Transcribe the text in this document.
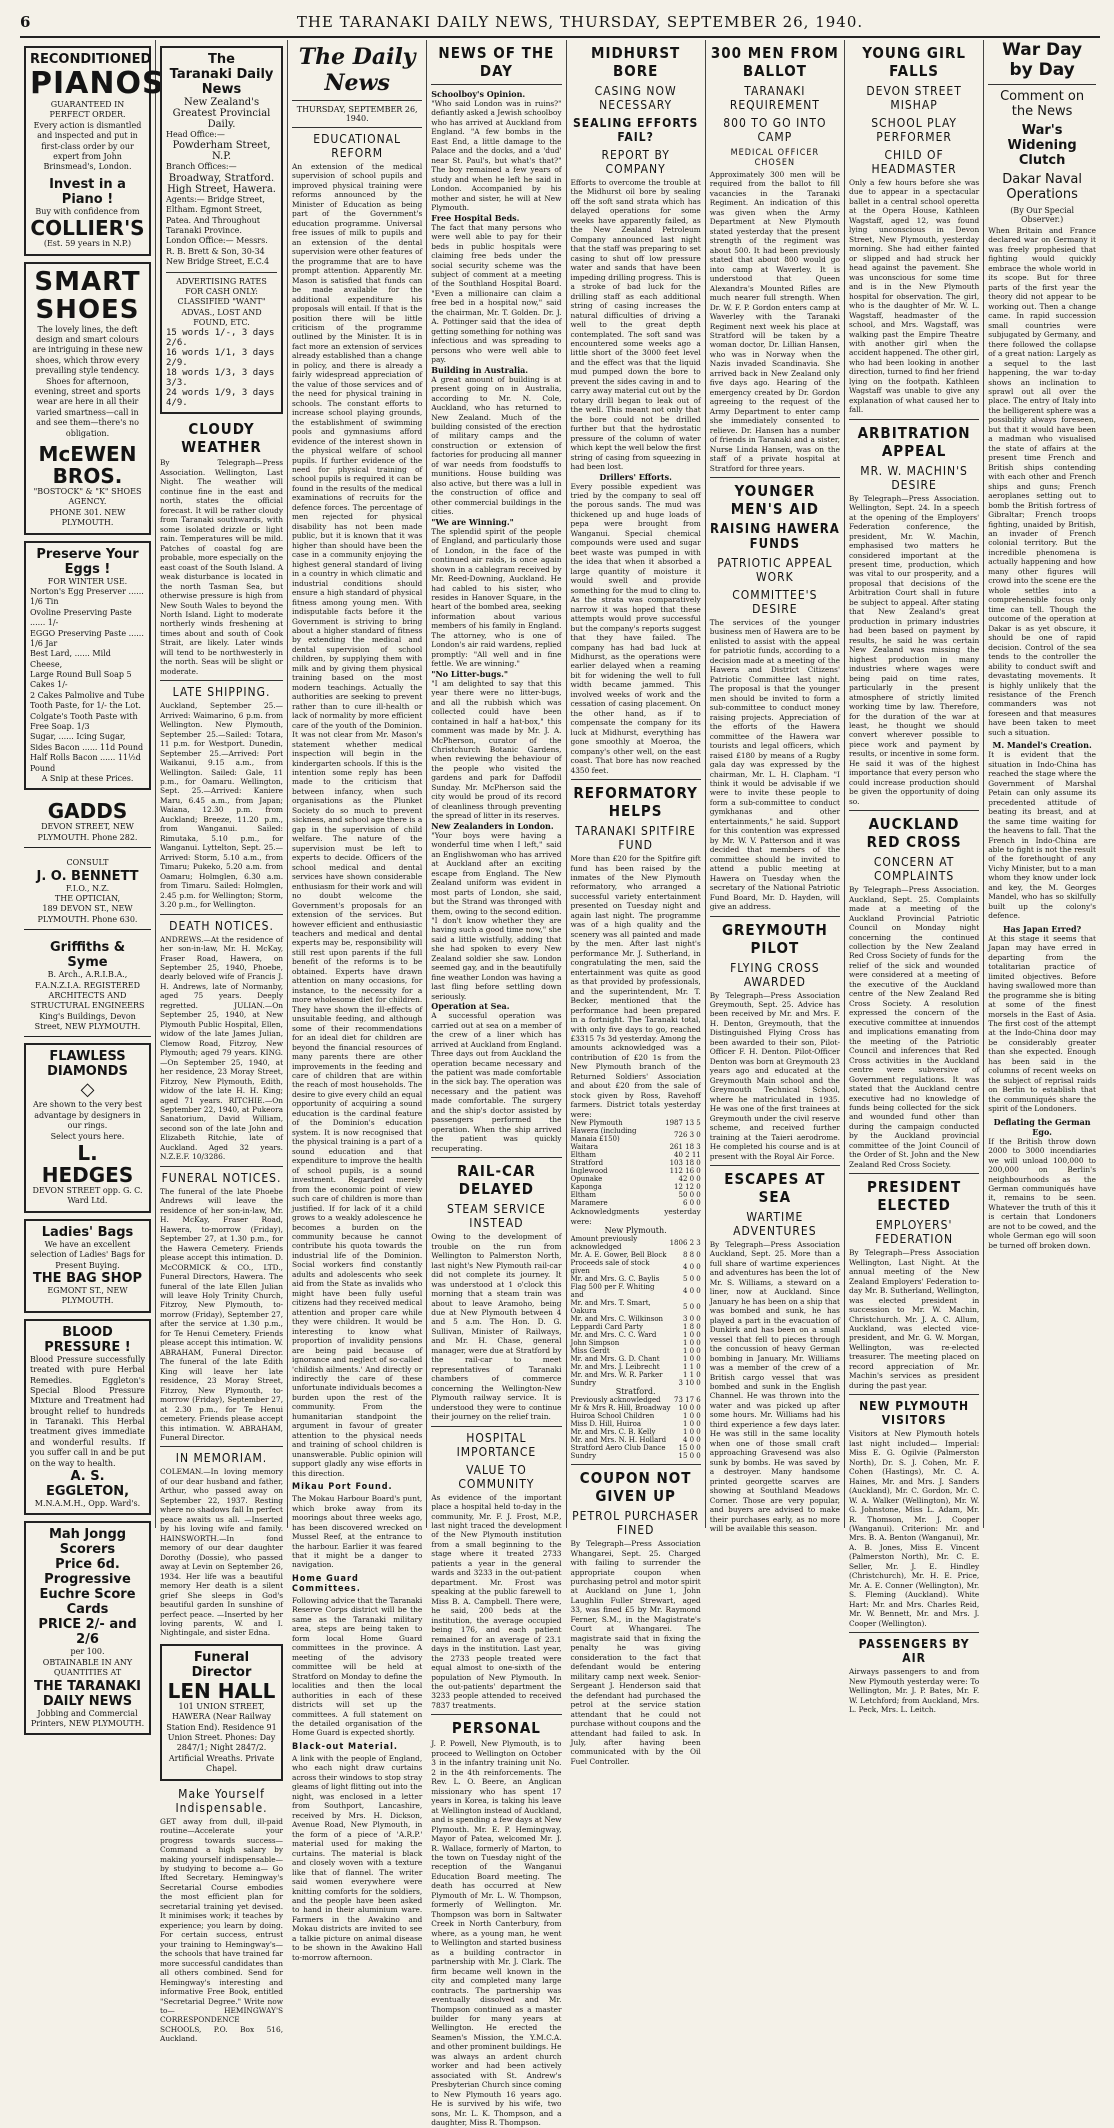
6	THE TARANAKI DAILY NEWS, THURSDAY, SEPTEMBER 26, 1940.
RECONDITIONED
PIANOS
GUARANTEED IN PERFECT ORDER.
Every action is dismantled and inspected and put in first-class order by our expert from John Brinsmead's, London.
Invest in a Piano !
Buy with confidence from
COLLIER'S
(Est. 59 years in N.P.)
SMART SHOES
The lovely lines, the deft design and smart colours are intriguing in these new shoes, which throw every prevailing style tendency. Shoes for afternoon, evening, street and sports wear are here in all their varied smartness—call in and see them—there's no obligation.
McEWEN BROS.
"BOSTOCK" & "K" SHOES AGENCY.
PHONE 301. NEW PLYMOUTH.
Preserve Your Eggs !
FOR WINTER USE.
Norton's Egg Preserver ...... 1/6 Tin
Ovoline Preserving Paste ...... 1/-
EGGO Preserving Paste ...... 1/6 Jar
Best Lard, ...... Mild Cheese,
Large Round Bull Soap 5 Cakes 1/-
2 Cakes Palmolive and Tube Tooth Paste, for 1/- the Lot.
Colgate's Tooth Paste with Free Soap. 1/3
Sugar, ...... Icing Sugar,
Sides Bacon ...... 11d Pound
Half Rolls Bacon ...... 11½d Pound
A Snip at these Prices.
GADDS
DEVON STREET, NEW PLYMOUTH. Phone 282.
CONSULT
J. O. BENNETT
F.I.O., N.Z.
THE OPTICIAN,
189 DEVON ST., NEW PLYMOUTH. Phone 630.
Griffiths & Syme
B. Arch., A.R.I.B.A., F.A.N.Z.I.A. REGISTERED ARCHITECTS AND STRUCTURAL ENGINEERS King's Buildings, Devon Street, NEW PLYMOUTH.
FLAWLESS DIAMONDS
◇
Are shown to the very best advantage by designers in our rings.
Select yours here.
L. HEDGES
DEVON STREET opp. G. C. Ward Ltd.
Ladies' Bags
We have an excellent selection of Ladies' Bags for Present Buying.
THE BAG SHOP
EGMONT ST., NEW PLYMOUTH.
BLOOD PRESSURE !
Blood Pressure successfully treated with pure Herbal Remedies. Eggleton's Special Blood Pressure Mixture and Treatment had brought relief to hundreds in Taranaki. This Herbal treatment gives immediate and wonderful results. If you suffer call in and be put on the way to health.
A. S. EGGLETON,
M.N.A.M.H., Opp. Ward's.
Mah Jongg Scorers
Price 6d.
Progressive Euchre Score Cards
PRICE 2/- and 2/6
per 100.
OBTAINABLE IN ANY QUANTITIES AT
THE TARANAKI DAILY NEWS
Jobbing and Commercial Printers, NEW PLYMOUTH.
The
Taranaki Daily News
New Zealand's Greatest Provincial Daily.
Head Office:—
Powderham Street, N.P.
Branch Offices:—
Broadway, Stratford. High Street, Hawera.
Agents:— Bridge Street, Eltham. Egmont Street, Patea. And Throughout Taranaki Province.
London Office:— Messrs. R. B. Brett & Son, 30-34 New Bridge Street, E.C.4
ADVERTISING RATES FOR CASH ONLY:
CLASSIFIED "WANT" ADVAS., LOST AND FOUND, ETC.
15 words 1/-, 3 days 2/6.
16 words 1/1, 3 days 2/9.
18 words 1/3, 3 days 3/3.
24 words 1/9, 3 days 4/9.
CLOUDY WEATHER
By Telegraph—Press Association. Wellington, Last Night. The weather will continue fine in the east and north, states the official forecast. It will be rather cloudy from Taranaki southwards, with some isolated drizzle or light rain. Temperatures will be mild. Patches of coastal fog are probable, more especially on the east coast of the South Island. A weak disturbance is located in the north Tasman Sea, but otherwise pressure is high from New South Wales to beyond the North Island. Light to moderate northerly winds freshening at times about and south of Cook Strait, are likely. Later winds will tend to be northwesterly in the north. Seas will be slight or moderate.
LATE SHIPPING.
Auckland, September 25.—Arrived: Waimarino, 6 p.m. from Wellington. New Plymouth, September 25.—Sailed: Totara, 11 p.m. for Westport. Dunedin, September 25.—Arrived: Port Waikanui, 9.15 a.m., from Wellington. Sailed: Gale, 11 p.m., for Oamaru. Wellington, Sept. 25.—Arrived: Kaniere Maru, 6.45 a.m., from Japan; Waiana, 12.30 p.m. from Auckland; Breeze, 11.20 p.m., from Wanganui. Sailed: Rimutaka, 5.10 p.m., for Wanganui. Lyttelton, Sept. 25.—Arrived: Storm, 5.10 a.m., from Timaru; Pukeko, 5.20 a.m. from Oamaru; Holmglen, 6.30 a.m. from Timaru. Sailed: Holmglen, 2.45 p.m. for Wellington; Storm, 3.20 p.m., for Wellington.
DEATH NOTICES.
ANDREWS.—At the residence of her son-in-law, Mr. H. McKay, Fraser Road, Hawera, on September 25, 1940, Phoebe, dearly beloved wife of Francis J. H. Andrews, late of Normanby, aged 75 years. Deeply regretted. JULIAN.—On September 25, 1940, at New Plymouth Public Hospital, Ellen, widow of the late James Julian, Clemow Road, Fitzroy, New Plymouth; aged 79 years. KING.—On September 25, 1940, at her residence, 23 Moray Street, Fitzroy, New Plymouth, Edith, widow of the late H. H. King; aged 71 years. RITCHIE.—On September 22, 1940, at Pukeora Sanatorium, David William, second son of the late John and Elizabeth Ritchie, late of Auckland. Aged 32 years. N.Z.E.F. 10/3286.
FUNERAL NOTICES.
The funeral of the late Phoebe Andrews will leave the residence of her son-in-law, Mr. H. McKay, Fraser Road, Hawera, to-morrow (Friday), September 27, at 1.30 p.m., for the Hawera Cemetery. Friends please accept this intimation. D. McCORMICK & CO., LTD., Funeral Directors, Hawera. The funeral of the late Ellen Julian will leave Holy Trinity Church, Fitzroy, New Plymouth, to-morrow (Friday), September 27, after the service at 1.30 p.m., for Te Henui Cemetery. Friends please accept this intimation. W. ABRAHAM, Funeral Director. The funeral of the late Edith King will leave her late residence, 23 Moray Street, Fitzroy, New Plymouth, to-morrow (Friday), September 27, at 2.30 p.m., for Te Henui cemetery. Friends please accept this intimation. W. ABRAHAM, Funeral Director.
IN MEMORIAM.
COLEMAN.—In loving memory of our dear husband and father, Arthur, who passed away on September 22, 1937. Resting where no shadows fall In perfect peace awaits us all. —Inserted by his loving wife and family. HAINSWORTH.—In fond memory of our dear daughter Dorothy (Dossie), who passed away at Levin on September 26, 1934. Her life was a beautiful memory Her death is a silent grief She sleeps in God's beautiful garden In sunshine of perfect peace. —Inserted by her loving parents, W. and I. Nightingale, and sister Edna.
Funeral Director
LEN HALL
101 UNION STREET, HAWERA (Near Railway Station End). Residence 91 Union Street. Phones: Day 2847/1; Night 2847/2. Artificial Wreaths. Private Chapel.
Make Yourself Indispensable.
GET away from dull, ill-paid routine—Accelerate your progress towards success—Command a high salary by making yourself indispensable—by studying to become a— Go Ifted Secretary. Hemingway's Secretarial Course embodies the most efficient plan for secretarial training yet devised. It minimises work; it teaches by experience; you learn by doing. For certain success, entrust your training to Hemingway's—the schools that have trained far more successful candidates than all others combined. Send for Hemingway's interesting and informative Free Book, entitled "Secretarial Degree." Write now to— HEMINGWAY'S CORRESPONDENCE SCHOOLS, P.O. Box 516, Auckland.
The Daily News
THURSDAY, SEPTEMBER 26, 1940.
EDUCATIONAL REFORM
An extension of the medical supervision of school pupils and improved physical training were reforms announced by the Minister of Education as being part of the Government's education programme. Universal free issues of milk to pupils and an extension of the dental supervision were other features of the programme that are to have prompt attention. Apparently Mr. Mason is satisfied that funds can be made available for the additional expenditure his proposals will entail. If that is the position there will be little criticism of the programme outlined by the Minister. It is in fact more an extension of services already established than a change in policy, and there is already a fairly widespread appreciation of the value of those services and of the need for physical training in schools. The constant efforts to increase school playing grounds, the establishment of swimming pools and gymnasiums afford evidence of the interest shown in the physical welfare of school pupils. If further evidence of the need for physical training of school pupils is required it can be found in the results of the medical examinations of recruits for the defence forces. The percentage of men rejected for physical disability has not been made public, but it is known that it was higher than should have been the case in a community enjoying the highest general standard of living in a country in which climatic and industrial conditions should ensure a high standard of physical fitness among young men. With indisputable facts before it the Government is striving to bring about a higher standard of fitness by extending the medical and dental supervision of school children, by supplying them with milk and by giving them physical training based on the most modern teachings. Actually the authorities are seeking to prevent rather than to cure ill-health or lack of normality by more efficient care of the youth of the Dominion. It was not clear from Mr. Mason's statement whether medical inspection will begin in the kindergarten schools. If this is the intention some reply has been made to the criticism that between infancy, when such organisations as the Plunket Society do so much to prevent sickness, and school age there is a gap in the supervision of child welfare. The nature of the supervision must be left to experts to decide. Officers of the school medical and dental services have shown considerable enthusiasm for their work and will no doubt welcome the Government's proposals for an extension of the services. But however efficient and enthusiastic teachers and medical and dental experts may be, responsibility will still rest upon parents if the full benefit of the reforms is to be obtained. Experts have drawn attention on many occasions, for instance, to the necessity for a more wholesome diet for children. They have shown the ill-effects of unsuitable feeding, and although some of their recommendations for an ideal diet for children are beyond the financial resources of many parents there are other improvements in the feeding and care of children that are within the reach of most households. The desire to give every child an equal opportunity of acquiring a sound education is the cardinal feature of the Dominion's education system. It is now recognised that the physical training is a part of a sound education and that expenditure to improve the health of school pupils, is a sound investment. Regarded merely from the economic point of view such care of children is more than justified. If for lack of it a child grows to a weakly adolescence he becomes a burden on the community because he cannot contribute his quota towards the industrial life of the Dominion. Social workers find constantly adults and adolescents who seek aid from the State as invalids who might have been fully useful citizens had they received medical attention and proper care while they were children. It would be interesting to know what proportion of invalidity pensions are being paid because of ignorance and neglect of so-called 'childish ailments.' And directly or indirectly the care of these unfortunate individuals becomes a burden upon the rest of the community. From the humanitarian standpoint the argument in favour of greater attention to the physical needs and training of school children is unanswerable. Public opinion will support gladly any wise efforts in this direction.
Mikau Port Found.
The Mokau Harbour Board's punt, which broke away from its moorings about three weeks ago, has been discovered wrecked on Mussel Reef, at the entrance to the harbour. Earlier it was feared that it might be a danger to navigation.
Home Guard Committees.
Following advice that the Taranaki Reserve Corps district will be the same as the Taranaki military area, steps are being taken to form local Home Guard committees in the province. A meeting of the advisory committee will be held at Stratford on Monday to define the localities and then the local authorities in each of these districts will set up the committees. A full statement on the detailed organisation of the Home Guard is expected shortly.
Black-out Material.
A link with the people of England, who each night draw curtains across their windows to stop stray gleams of light flitting out into the night, was enclosed in a letter from Southport, Lancashire, received by Mrs. H. Dickson, Avenue Road, New Plymouth, in the form of a piece of 'A.R.P.' material used for making the curtains. The material is black and closely woven with a texture like that of flannel. The writer said women everywhere were knitting comforts for the soldiers, and the people have been asked to hand in their aluminium ware. Farmers in the Awakino and Mokau districts are invited to see a talkie picture on animal disease to be shown in the Awakino Hall to-morrow afternoon.
NEWS OF THE DAY
Schoolboy's Opinion.
"Who said London was in ruins?" defiantly asked a Jewish schoolboy who has arrived at Auckland from England. "A few bombs in the East End, a little damage to the Palace and the docks, and a 'dud' near St. Paul's, but what's that?" The boy remained a few years of study and when he left he said in London. Accompanied by his mother and sister, he will at New Plymouth.
Free Hospital Beds.
The fact that many persons who were well able to pay for their beds in public hospitals were claiming free beds under the social security scheme was the subject of comment at a meeting of the Southland Hospital Board. "Even a millionaire can claim a free bed in a hospital now," said the chairman, Mr. T. Golden. Dr. J. A. Pottinger said that the idea of getting something for nothing was infectious and was spreading to persons who were well able to pay.
Building in Australia.
A great amount of building is at present going on in Australia, according to Mr. N. Cole, Auckland, who has returned to New Zealand. Much of the building consisted of the erection of military camps and the construction or extension of factories for producing all manner of war needs from foodstuffs to munitions. House building was also active, but there was a lull in the construction of office and other commercial buildings in the cities.
"We are Winning."
The splendid spirit of the people of England, and particularly those of London, in the face of the continued air raids, is once again shown in a cablegram received by Mr. Reed-Downing, Auckland. He had cabled to his sister, who resides in Hanover Square, in the heart of the bombed area, seeking information about various members of his family in England. The attorney, who is one of London's air raid wardens, replied promptly: "All well and in fine fettle. We are winning."
"No Litter-bugs."
"I am delighted to say that this year there were no litter-bugs, and all the rubbish which was collected could have been contained in half a hat-box," this comment was made by Mr. J. A. McPherson, curator of the Christchurch Botanic Gardens, when reviewing the behaviour of the people who visited the gardens and park for Daffodil Sunday. Mr. McPherson said the city would be proud of its record of cleanliness through preventing the spread of litter in its reserves.
New Zealanders in London.
"Your boys were having a wonderful time when I left," said an Englishwoman who has arrived at Auckland after an exciting escape from England. The New Zealand uniform was evident in most parts of London, she said, but the Strand was thronged with them, owing to the second edition. "I don't know whether they are having such a good time now," she said a little wistfully, adding that she had spoken to every New Zealand soldier she saw. London seemed gay, and in the beautifully fine weather London was having a last fling before settling down seriously.
Operation at Sea.
A successful operation was carried out at sea on a member of the crew of a liner which has arrived at Auckland from England. Three days out from Auckland the operation became necessary and the patient was made comfortable in the sick bay. The operation was necessary and the patient was made comfortable. The surgery and the ship's doctor assisted by passengers performed the operation. When the ship arrived the patient was quickly recuperating.
RAIL-CAR DELAYED
STEAM SERVICE INSTEAD
Owing to the development of trouble on the run from Wellington to Palmerston North, last night's New Plymouth rail-car did not complete its journey. It was understood at 1 o'clock this morning that a steam train was about to leave Aramoho, being due at New Plymouth between 4 and 5 a.m. The Hon. D. G. Sullivan, Minister of Railways, and Mr. H. Chase, general manager, were due at Stratford by the rail-car to meet representatives of Taranaki chambers of commerce concerning the Wellington-New Plymouth railway service. It is understood they were to continue their journey on the relief train.
HOSPITAL IMPORTANCE
VALUE TO COMMUNITY
As evidence of the important place a hospital held to-day in the community, Mr. F. J. Frost, M.P., last night traced the development of the New Plymouth institution from a small beginning to the stage where it treated 2733 patients a year in the general wards and 3233 in the out-patient department. Mr. Frost was speaking at the public farewell to Miss B. A. Campbell. There were, he said, 200 beds at the institution, the average occupied being 176, and each patient remained for an average of 23.1 days in the institution. Last year, the 2733 people treated were equal almost to one-sixth of the population of New Plymouth. In the out-patients' department the 3233 people attended to received 7837 treatments.
PERSONAL
J. P. Powell, New Plymouth, is to proceed to Wellington on October 3 in the infantry training unit No. 2 in the 4th reinforcements. The Rev. L. O. Beere, an Anglican missionary who has spent 17 years in Korea, is taking his leave at Wellington instead of Auckland, and is spending a few days at New Plymouth. Mr. E. P. Hemingway, Mayor of Patea, welcomed Mr. J. R. Wallace, formerly of Marton, to the town on Tuesday night of the reception of the Wanganui Education Board meeting. The death has occurred at New Plymouth of Mr. L. W. Thompson, formerly of Wellington. Mr. Thompson was born in Saltwater Creek in North Canterbury, from where, as a young man, he went to Wellington and started business as a building contractor in partnership with Mr. J. Clark. The firm became well known in the city and completed many large contracts. The partnership was eventually dissolved and Mr. Thompson continued as a master builder for many years at Wellington. He erected the Seamen's Mission, the Y.M.C.A. and other prominent buildings. He was always an ardent church worker and had been actively associated with St. Andrew's Presbyterian Church since coming to New Plymouth 16 years ago. He is survived by his wife, two sons, Mr. L. K. Thompson, and a daughter, Miss R. Thompson.
MIDHURST BORE
CASING NOW NECESSARY
SEALING EFFORTS FAIL?
REPORT BY COMPANY
Efforts to overcome the trouble at the Midhurst oil bore by sealing off the soft sand strata which has delayed operations for some weeks have apparently failed, as the New Zealand Petroleum Company announced last night that the staff was preparing to set casing to shut off low pressure water and sands that have been impeding drilling progress. This is a stroke of bad luck for the drilling staff as each additional string of casing increases the natural difficulties of driving a well to the great depth contemplated. The soft sand was encountered some weeks ago a little short of the 3000 feet level and the effect was that the liquid mud pumped down the bore to prevent the sides caving in and to carry away material cut out by the rotary drill began to leak out of the well. This meant not only that the bore could not be drilled further but that the hydrostatic pressure of the column of water which kept the well below the first string of casing from squeezing in had been lost.
Drillers' Efforts.
Every possible expedient was tried by the company to seal off the porous sands. The mud was thickened up and huge loads of pepa were brought from Wanganui. Special chemical compounds were used and sugar beet waste was pumped in with the idea that when it absorbed a large quantity of moisture it would swell and provide something for the mud to cling to. As the strata was comparatively narrow it was hoped that these attempts would prove successful but the company's reports suggest that they have failed. The company has had bad luck at Midhurst, as the operations were earlier delayed when a reaming bit for widening the well to full width became jammed. This involved weeks of work and the cessation of casing placement. On the other hand, as if to compensate the company for its luck at Midhurst, everything has gone smoothly at Moeroa, the company's other well, on the east coast. That bore has now reached 4350 feet.
REFORMATORY HELPS
TARANAKI SPITFIRE FUND
More than £20 for the Spitfire gift fund has been raised by the inmates of the New Plymouth reformatory, who arranged a successful variety entertainment presented on Tuesday night and again last night. The programme was of a high quality and the scenery was all painted and made by the men. After last night's performance Mr. J. Sutherland, in congratulating the men, said the entertainment was quite as good as that provided by professionals, and the superintendent, Mr. T. Becker, mentioned that the performance had been prepared in a fortnight. The Taranaki total, with only five days to go, reached £3315 7s 3d yesterday. Among the amounts acknowledged was a contribution of £20 1s from the New Plymouth branch of the Returned Soldiers' Association and about £20 from the sale of stock given by Ross, Ravehoff farmers. District totals yesterday were:
New Plymouth	1987 13 5
Hawera (including Manaia £150)	726 3 0
Waitara	261 18 3
Eltham	40 2 11
Stratford	103 18 0
Inglewood	112 16 0
Opunake	42 0 0
Kaponga	12 12 0
Eltham	50 0 0
Maramere	6 0 0
Acknowledgments yesterday were:
New Plymouth.
Amount previously acknowledged	1806 2 3
Mr. A. E. Gower, Bell Block	8 8 0
Proceeds sale of stock given	4 0 0
Mr. and Mrs. G. C. Baylis	5 0 0
Flag 500 per F. Whiting and	4 0 0
Mr. and Mrs. T. Smart, Oakura	5 0 0
Mr. and Mrs. C. Wilkinson	3 0 0
Leppardi Card Party	1 8 0
Mr. and Mrs. C. C. Ward	1 0 0
John Simpson	1 0 0
Miss Gerdt	1 0 0
Mr. and Mrs. G. D. Chant	1 0 0
Mr. and Mrs. J. Leibrecht	1 1 0
Mr. and Mrs. W. R. Parker	1 1 0
Sundry	3 10 0
Stratford.
Previously acknowledged	73 17 6
Mr & Mrs R. Hill, Broadway	10 0 0
Huiroa School Children	1 0 0
Miss D. Hill, Huiroa	1 0 0
Mr. and Mrs. C. B. Kelly	1 0 0
Mr. and Mrs. N. H. Hollard	4 0 0
Stratford Aero Club Dance	15 0 0
Sundry	15 0 0
COUPON NOT GIVEN UP
PETROL PURCHASER FINED
By Telegraph—Press Association Whangarei, Sept. 25. Charged with failing to surrender the appropriate coupon when purchasing petrol and motor spirit at Auckland on June 1, John Laughlin Fuller Strewart, aged 33, was fined £5 by Mr. Raymond Ferner, S.M., in the Magistrate's Court at Whangarei. The magistrate said that in fixing the penalty he was giving consideration to the fact that defendant would be entering military camp next week. Senior-Sergeant J. Henderson said that the defendant had purchased the petrol at the service station attendant that he could not purchase without coupons and the attendant had failed to ask. In July, after having been communicated with by the Oil Fuel Controller.
300 MEN FROM BALLOT
TARANAKI REQUIREMENT
800 TO GO INTO CAMP
MEDICAL OFFICER CHOSEN
Approximately 300 men will be required from the ballot to fill vacancies in the Taranaki Regiment. An indication of this was given when the Army Department at New Plymouth stated yesterday that the present strength of the regiment was about 500. It had been previously stated that about 800 would go into camp at Waverley. It is understood that Queen Alexandra's Mounted Rifles are much nearer full strength. When Dr. W. F. P. Gordon enters camp at Waverley with the Taranaki Regiment next week his place at Stratford will be taken by a woman doctor, Dr. Lillian Hansen, who was in Norway when the Nazis invaded Scandinavia. She arrived back in New Zealand only five days ago. Hearing of the emergency created by Dr. Gordon agreeing to the request of the Army Department to enter camp she immediately consented to relieve. Dr. Hansen has a number of friends in Taranaki and a sister, Nurse Linda Hansen, was on the staff of a private hospital at Stratford for three years.
YOUNGER MEN'S AID
RAISING HAWERA FUNDS
PATRIOTIC APPEAL WORK
COMMITTEE'S DESIRE
The services of the younger business men of Hawera are to be enlisted to assist with the appeal for patriotic funds, according to a decision made at a meeting of the Hawera and District Citizens' Patriotic Committee last night. The proposal is that the younger men should be invited to form a sub-committee to conduct money raising projects. Appreciation of the efforts of the Hawera committee of the Hawera war tourists and legal officers, which raised £180 by means of a Rugby gala day was expressed by the chairman, Mr. L. H. Clapham. "I think it would be advisable if we were to invite these people to form a sub-committee to conduct gymkhanas and other entertainments," he said. Support for this contention was expressed by Mr. W. V. Patterson and it was decided that members of the committee should be invited to attend a public meeting at Hawera on Tuesday when the secretary of the National Patriotic Fund Board, Mr. D. Hayden, will give an address.
GREYMOUTH PILOT
FLYING CROSS AWARDED
By Telegraph—Press Association Greymouth, Sept. 25. Advice has been received by Mr. and Mrs. F. H. Denton, Greymouth, that the Distinguished Flying Cross has been awarded to their son, Pilot-Officer F. H. Denton. Pilot-Officer Denton was born at Greymouth 23 years ago and educated at the Greymouth Main school and the Greymouth Technical School, where he matriculated in 1935. He was one of the first trainees at Greymouth under the civil reserve scheme, and received further training at the Taieri aerodrome. He completed his course and is at present with the Royal Air Force.
ESCAPES AT SEA
WARTIME ADVENTURES
By Telegraph—Press Association Auckland, Sept. 25. More than a full share of wartime experiences and adventures has been the lot of Mr. S. Williams, a steward on a liner, now at Auckland. Since January he has been on a ship that was bombed and sunk, he has played a part in the evacuation of Dunkirk and has been on a small vessel that fell to pieces through the concussion of heavy German bombing in January. Mr. Williams was a member of the crew of a British cargo vessel that was bombed and sunk in the English Channel. He was thrown into the water and was picked up after some hours. Mr. Williams had his third experience a few days later. He was still in the same locality when one of those small craft approaching Gravesend was also sunk by bombs. He was saved by a destroyer. Many handsome printed georgette scarves are showing at Southland Meadows Corner. Those are very popular, and buyers are advised to make their purchases early, as no more will be available this season.
YOUNG GIRL FALLS
DEVON STREET MISHAP
SCHOOL PLAY PERFORMER
CHILD OF HEADMASTER
Only a few hours before she was due to appear in a spectacular ballet in a central school operetta at the Opera House, Kathleen Wagstaff, aged 12, was found lying unconscious in Devon Street, New Plymouth, yesterday morning. She had either fainted or slipped and had struck her head against the pavement. She was unconscious for some time and is in the New Plymouth hospital for observation. The girl, who is the daughter of Mr. W. L. Wagstaff, headmaster of the school, and Mrs. Wagstaff, was walking past the Empire Theatre with another girl when the accident happened. The other girl, who had been looking in another direction, turned to find her friend lying on the footpath. Kathleen Wagstaff was unable to give any explanation of what caused her to fall.
ARBITRATION APPEAL
MR. W. MACHIN'S DESIRE
By Telegraph—Press Association. Wellington, Sept. 24. In a speech at the opening of the Employers' Federation conference, the president, Mr. W. Machin, emphasised two matters he considered important at the present time, production, which was vital to our prosperity, and a proposal that decisions of the Arbitration Court shall in future be subject to appeal. After stating that New Zealand's great production in primary industries had been based on payment by results, he said he was certain New Zealand was missing the highest production in many industries where wages were being paid on time rates, particularly in the present atmosphere of strictly limited working time by law. Therefore, for the duration of the war at least, he thought we should convert wherever possible to piece work and payment by results, or incentive in some form. He said it was of the highest importance that every person who could increase production should be given the opportunity of doing so.
AUCKLAND RED CROSS
CONCERN AT COMPLAINTS
By Telegraph—Press Association. Auckland, Sept. 25. Complaints made at a meeting of the Auckland Provincial Patriotic Council on Monday night concerning the continued collection by the New Zealand Red Cross Society of funds for the relief of the sick and wounded were considered at a meeting of the executive of the Auckland centre of the New Zealand Red Cross Society. A resolution expressed the concern of the executive committee at innuendos and implications emanating from the meeting of the Patriotic Council and inferences that Red Cross activities in the Auckland centre were subversive of Government regulations. It was stated that the Auckland centre executive had no knowledge of funds being collected for the sick and wounded fund other than during the campaign conducted by the Auckland provincial committee of the Joint Council of the Order of St. John and the New Zealand Red Cross Society.
PRESIDENT ELECTED
EMPLOYERS' FEDERATION
By Telegraph—Press Association Wellington, Last Night. At the annual meeting of the New Zealand Employers' Federation to-day Mr. B. Sutherland, Wellington, was elected president in succession to Mr. W. Machin, Christchurch. Mr. J. A. C. Allum, Auckland, was elected vice-president, and Mr. G. W. Morgan, Wellington, was re-elected treasurer. The meeting placed on record appreciation of Mr. Machin's services as president during the past year.
NEW PLYMOUTH VISITORS
Visitors at New Plymouth hotels last night included— Imperial: Miss E. G. Ogilvie (Palmerston North), Dr. S. J. Cohen, Mr. F. Cohen (Hastings), Mr. C. A. Haines, Mr. and Mrs. J. Sanders (Auckland), Mr. C. Gordon, Mr. C. W. A. Walker (Wellington), Mr. W. G. Johnstone, Miss L. Adam, Mr. R. Thomson, Mr. J. Cooper (Wanganui). Criterion: Mr. and Mrs. B. A. Benton (Wanganui), Mr. A. B. Jones, Miss E. Vincent (Palmerston North), Mr. C. E. Seller, Mr. J. E. Hindley (Christchurch), Mr. H. E. Price, Mr. A. E. Conner (Wellington), Mr. S. Fleming (Auckland). White Hart: Mr. and Mrs. Charles Reid, Mr. W. Bennett, Mr. and Mrs. J. Cooper (Wellington).
PASSENGERS BY AIR
Airways passengers to and from New Plymouth yesterday were: To Wellington, Mr. J. P. Bates, Mr. F. W. Letchford; from Auckland, Mrs. L. Peck, Mrs. L. Leitch.
War Day by Day
Comment on the News
War's Widening Clutch
Dakar Naval Operations
(By Our Special Observer.)
When Britain and France declared war on Germany it was freely prophesied that fighting would quickly embrace the whole world in its scope. But for three parts of the first year the theory did not appear to be working out. Then a change came. In rapid succession small countries were subjugated by Germany, and there followed the collapse of a great nation: Largely as a sequel to the last happening, the war to-day shows an inclination to sprawl out all over the place. The entry of Italy into the belligerent sphere was a possibility always foreseen, but that it would have been a madman who visualised the state of affairs at the present time French and British ships contending with each other and French ships and guns; French aeroplanes setting out to bomb the British fortress of Gibraltar; French troops fighting, unaided by British, an invader of French colonial territory. But the incredible phenomena is actually happening and how many other figures will crowd into the scene ere the whole settles into a comprehensible focus only time can tell. Though the outcome of the operation at Dakar is as yet obscure, it should be one of rapid decision. Control of the sea tends to the controller the ability to conduct swift and devastating movements. It is highly unlikely that the resistance of the French commanders was not foreseen and that measures have been taken to meet such a situation.
M. Mandel's Creation.
It is evident that the situation in Indo-China has reached the stage where the Government of Marshal Petain can only assume its precedented attitude of beating its breast, and at the same time waiting for the heavens to fall. That the French in Indo-China are able to fight is not the result of the forethought of any Vichy Minister, but to a man whom they know under lock and key, the M. Georges Mandel, who has so skilfully built up the colony's defence.
Has Japan Erred?
At this stage it seems that Japan may have erred in departing from the totalitarian practice of limited objectives. Before having swallowed more than the programme she is biting at some of the finest morsels in the East of Asia. The first cost of the attempt at the Indo-China door may be considerably greater than she expected. Enough has been said in the columns of recent weeks on the subject of reprisal raids on Berlin to establish that the communiqués share the spirit of the Londoners.
Deflating the German Ego.
If the British throw down 2000 to 3000 incendiaries we will unload 100,000 to 200,000 on Berlin's neighbourhoods as the German communiqués have it, remains to be seen. Whatever the truth of this it is certain that Londoners are not to be cowed, and the whole German ego will soon be turned off broken down.
